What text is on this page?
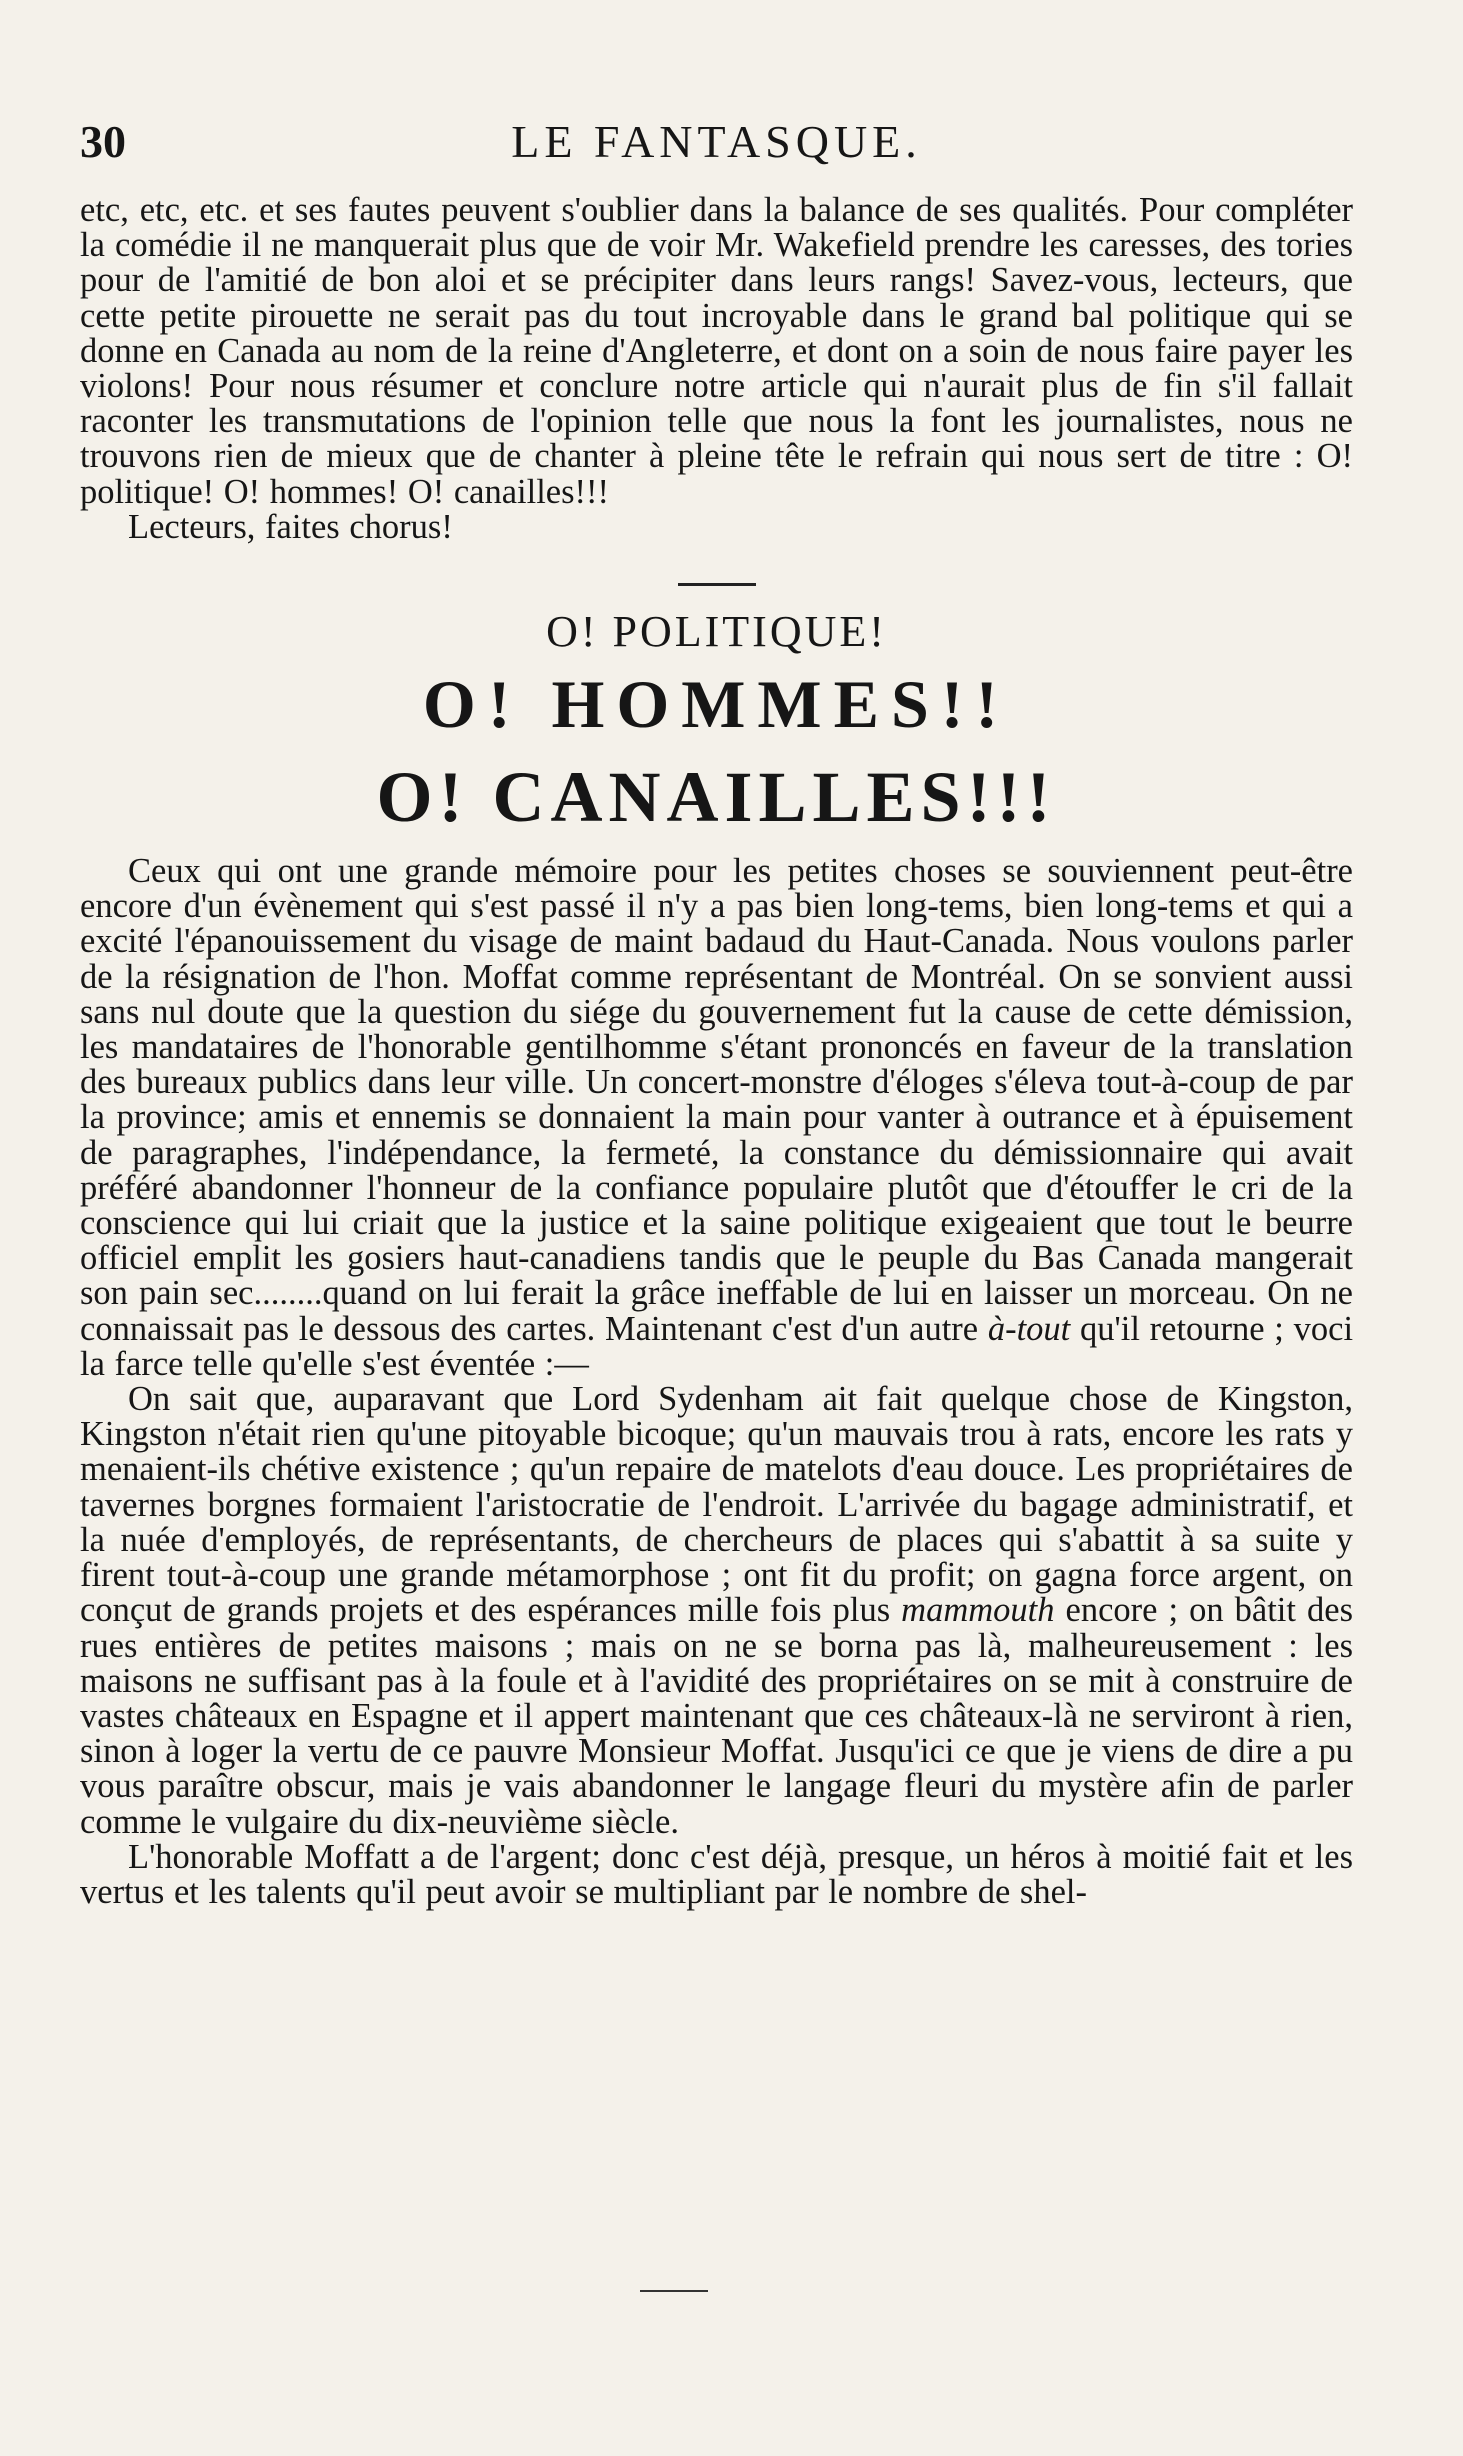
30	LE FANTASQUE.

etc, etc, etc. et ses fautes peuvent s'oublier dans la balance de ses qualités. Pour compléter la comédie il ne manquerait plus que de voir Mr. Wakefield prendre les caresses, des tories pour de l'amitié de bon aloi et se précipiter dans leurs rangs! Savez-vous, lecteurs, que cette petite pirouette ne serait pas du tout incroyable dans le grand bal politique qui se donne en Canada au nom de la reine d'Angleterre, et dont on a soin de nous faire payer les violons! Pour nous résumer et conclure notre article qui n'aurait plus de fin s'il fallait raconter les transmutations de l'opinion telle que nous la font les journalistes, nous ne trouvons rien de mieux que de chanter à pleine tête le refrain qui nous sert de titre : O! politique! O! hommes! O! canailles!!!

Lecteurs, faites chorus!

O! POLITIQUE!
O! HOMMES!!
O! CANAILLES!!!

Ceux qui ont une grande mémoire pour les petites choses se souviennent peut-être encore d'un évènement qui s'est passé il n'y a pas bien long-tems, bien long-tems et qui a excité l'épanouissement du visage de maint badaud du Haut-Canada. Nous voulons parler de la résignation de l'hon. Moffat comme représentant de Montréal. On se sonvient aussi sans nul doute que la question du siége du gouvernement fut la cause de cette démission, les mandataires de l'honorable gentilhomme s'étant prononcés en faveur de la translation des bureaux publics dans leur ville. Un concert-monstre d'éloges s'éleva tout-à-coup de par la province; amis et ennemis se donnaient la main pour vanter à outrance et à épuisement de paragraphes, l'indépendance, la fermeté, la constance du démissionnaire qui avait préféré abandonner l'honneur de la confiance populaire plutôt que d'étouffer le cri de la conscience qui lui criait que la justice et la saine politique exigeaient que tout le beurre officiel emplit les gosiers haut-canadiens tandis que le peuple du Bas Canada mangerait son pain sec........quand on lui ferait la grâce ineffable de lui en laisser un morceau. On ne connaissait pas le dessous des cartes. Maintenant c'est d'un autre à-tout qu'il retourne ; voci la farce telle qu'elle s'est éventée :—

On sait que, auparavant que Lord Sydenham ait fait quelque chose de Kingston, Kingston n'était rien qu'une pitoyable bicoque; qu'un mauvais trou à rats, encore les rats y menaient-ils chétive existence ; qu'un repaire de matelots d'eau douce. Les propriétaires de tavernes borgnes formaient l'aristocratie de l'endroit. L'arrivée du bagage administratif, et la nuée d'employés, de représentants, de chercheurs de places qui s'abattit à sa suite y firent tout-à-coup une grande métamorphose ; ont fit du profit; on gagna force argent, on conçut de grands projets et des espérances mille fois plus mammouth encore ; on bâtit des rues entières de petites maisons ; mais on ne se borna pas là, malheureusement : les maisons ne suffisant pas à la foule et à l'avidité des propriétaires on se mit à construire de vastes châteaux en Espagne et il appert maintenant que ces châteaux-là ne serviront à rien, sinon à loger la vertu de ce pauvre Monsieur Moffat. Jusqu'ici ce que je viens de dire a pu vous paraître obscur, mais je vais abandonner le langage fleuri du mystère afin de parler comme le vulgaire du dix-neuvième siècle.

L'honorable Moffatt a de l'argent; donc c'est déjà, presque, un héros à moitié fait et les vertus et les talents qu'il peut avoir se multipliant par le nombre de shel-
